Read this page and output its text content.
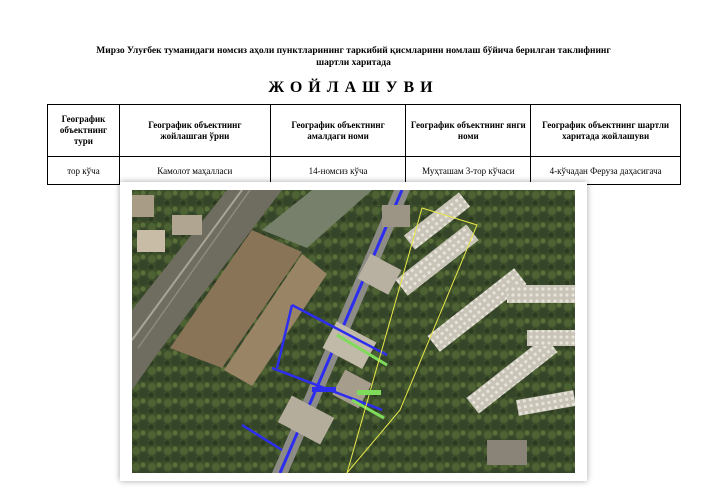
Мирзо Улуғбек туманидаги номсиз аҳоли пунктларининг таркибий қисмларини номлаш бўйича берилган таклифнинг
шартли харитада
ЖОЙЛАШУВИ
Географик объектнинг тури	Географик объектнинг жойлашган ўрни	Географик объектнинг амалдаги номи	Географик объектнинг янги номи	Географик объектнинг шартли харитада жойлашуви
тор кўча	Камолот маҳалласи	14-номсиз кўча	Муҳташам 3-тор кўчаси	4-кўчадан Феруза даҳасигача
